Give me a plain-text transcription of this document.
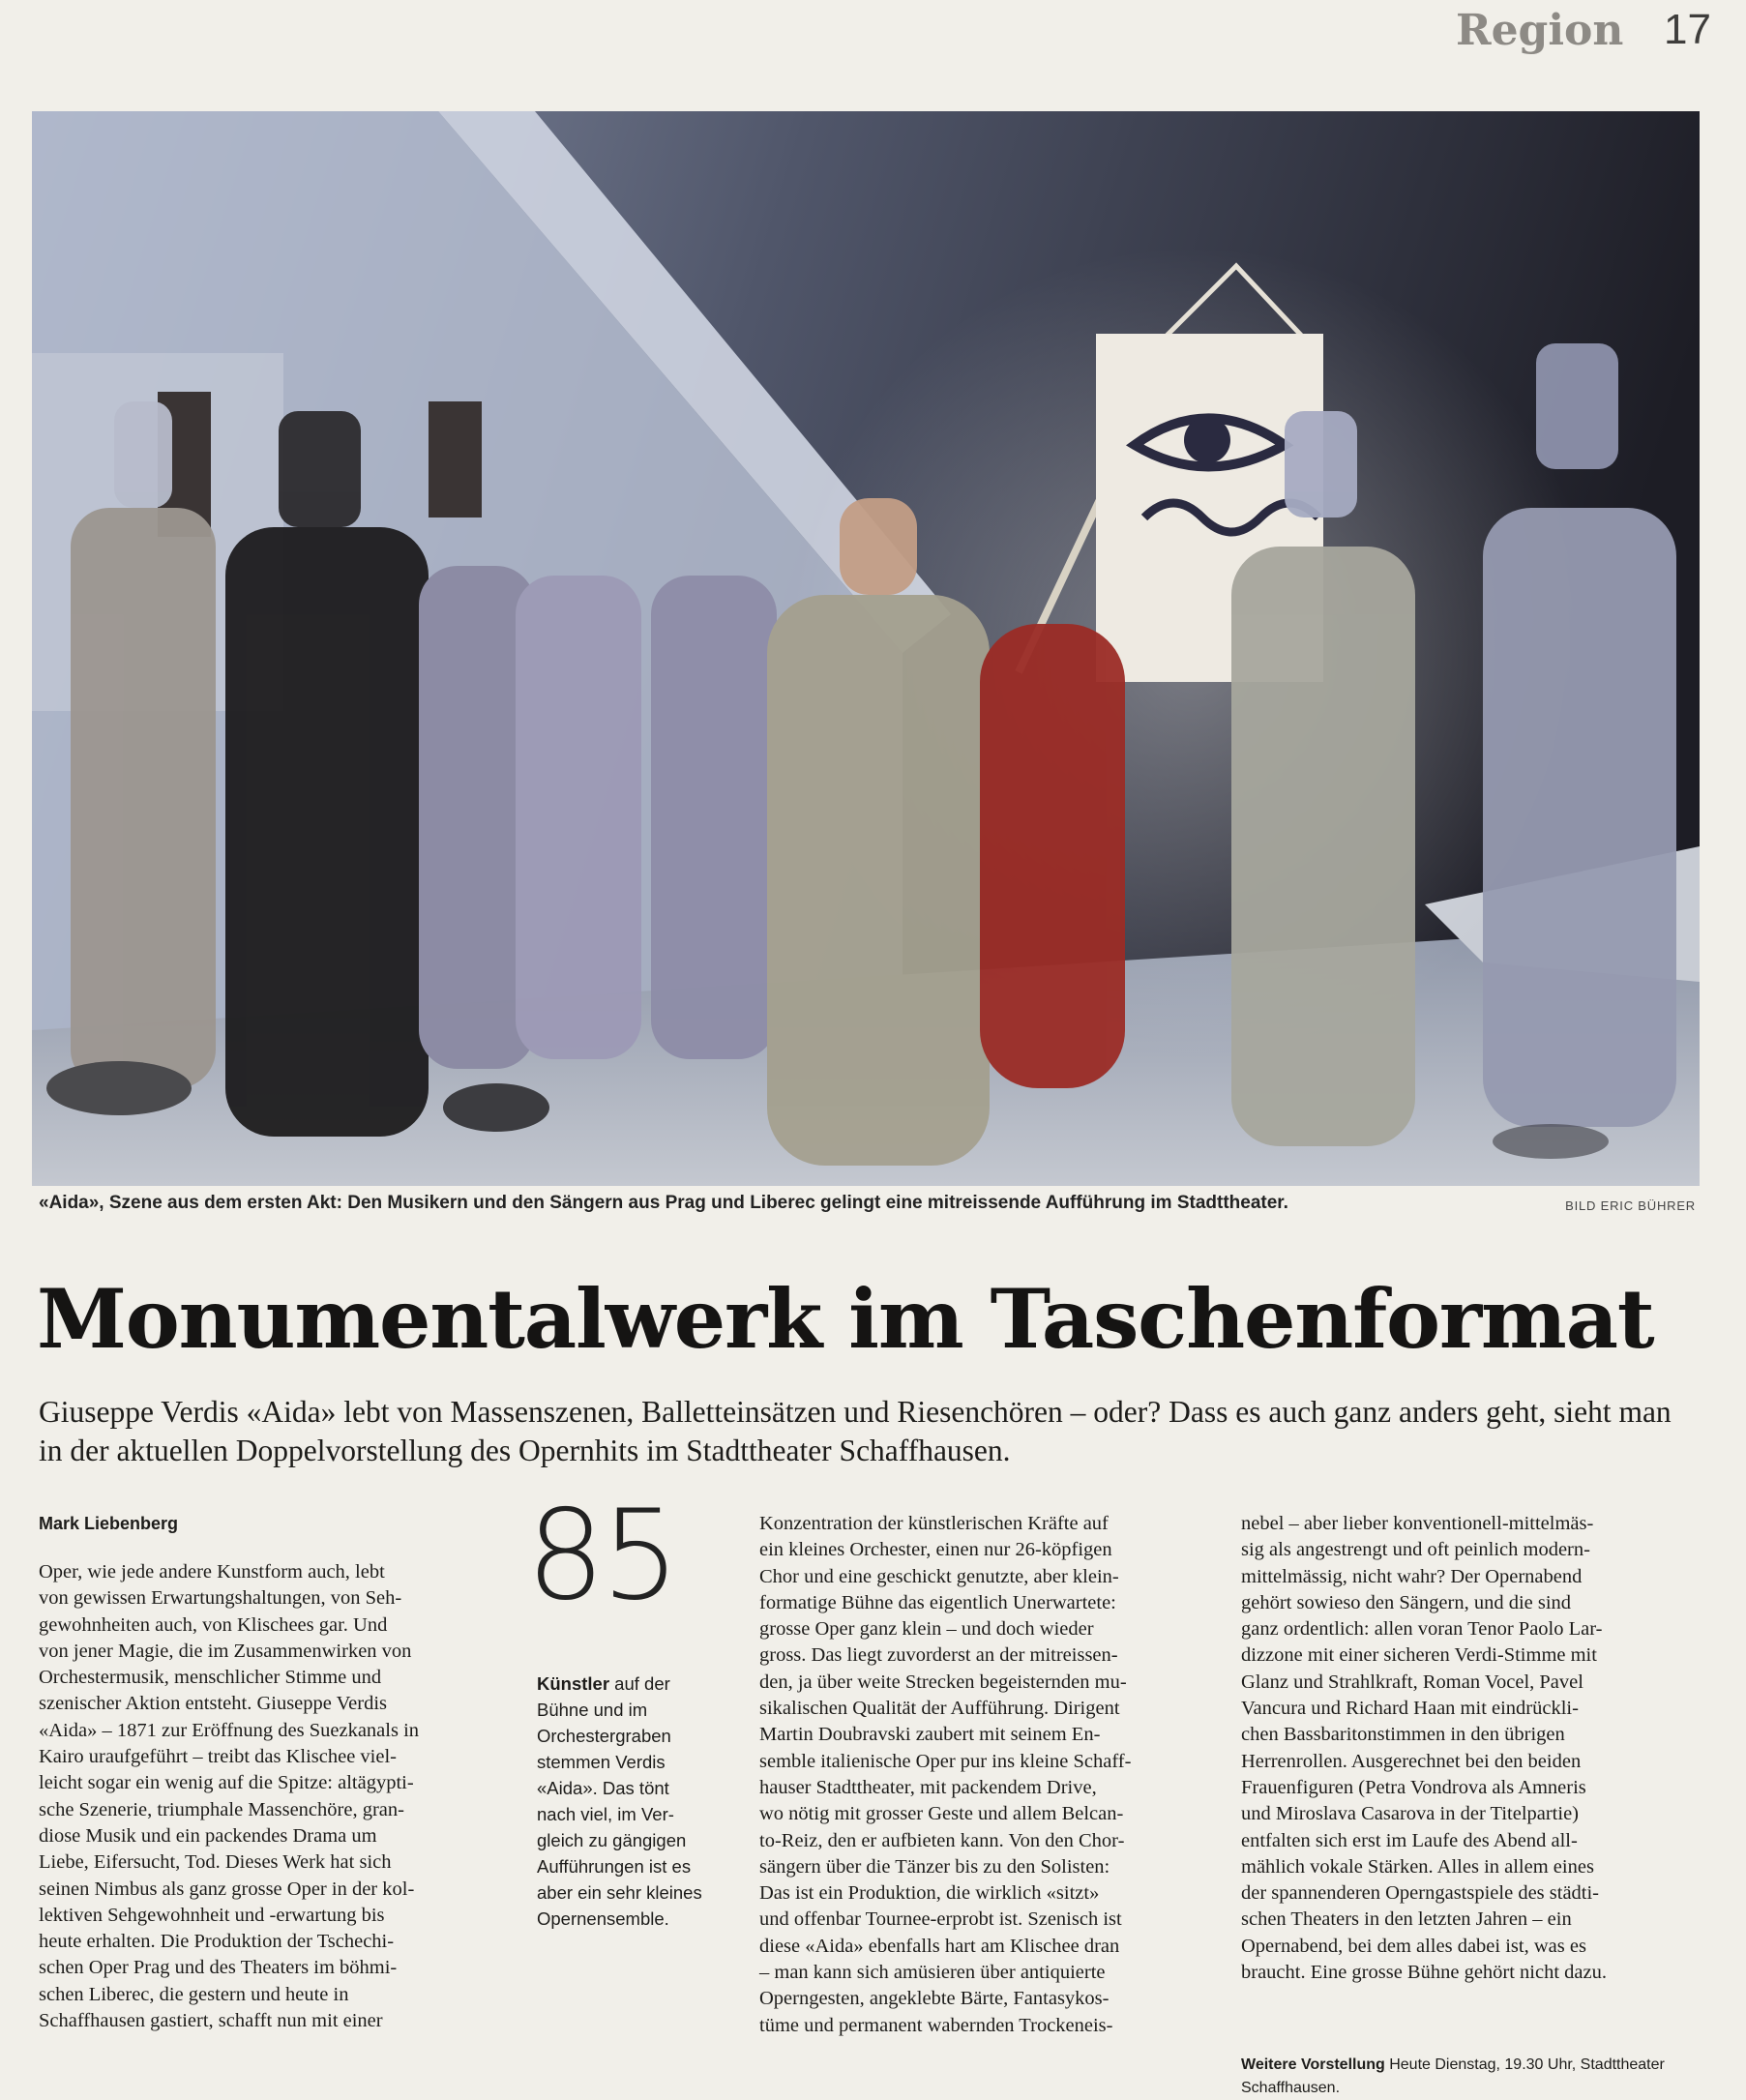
Region 17
«Aida», Szene aus dem ersten Akt: Den Musikern und den Sängern aus Prag und Liberec gelingt eine mitreissende Aufführung im Stadttheater.	BILD ERIC BÜHRER
Monumentalwerk im Taschenformat

Giuseppe Verdis «Aida» lebt von Massenszenen, Balletteinsätzen und Riesenchören – oder? Dass es auch ganz anders geht, sieht man in der aktuellen Doppelvorstellung des Opernhits im Stadttheater Schaffhausen.

Mark Liebenberg
Oper, wie jede andere Kunstform auch, lebt
von gewissen Erwartungshaltungen, von Seh-
gewohnheiten auch, von Klischees gar. Und
von jener Magie, die im Zusammenwirken von
Orchestermusik, menschlicher Stimme und
szenischer Aktion entsteht. Giuseppe Verdis
«Aida» – 1871 zur Eröffnung des Suezkanals in
Kairo uraufgeführt – treibt das Klischee viel-
leicht sogar ein wenig auf die Spitze: altägypti-
sche Szenerie, triumphale Massenchöre, gran-
diose Musik und ein packendes Drama um
Liebe, Eifersucht, Tod. Dieses Werk hat sich
seinen Nimbus als ganz grosse Oper in der kol-
lektiven Sehgewohnheit und -erwartung bis
heute erhalten. Die Produktion der Tschechi-
schen Oper Prag und des Theaters im böhmi-
schen Liberec, die gestern und heute in
Schaffhausen gastiert, schafft nun mit einer
85
Künstler auf der
Bühne und im
Orchestergraben
stemmen Verdis
«Aida». Das tönt
nach viel, im Ver-
gleich zu gängigen
Aufführungen ist es
aber ein sehr kleines
Opernensemble.
Konzentration der künstlerischen Kräfte auf
ein kleines Orchester, einen nur 26-köpfigen
Chor und eine geschickt genutzte, aber klein-
formatige Bühne das eigentlich Unerwartete:
grosse Oper ganz klein – und doch wieder
gross. Das liegt zuvorderst an der mitreissen-
den, ja über weite Strecken begeisternden mu-
sikalischen Qualität der Aufführung. Dirigent
Martin Doubravski zaubert mit seinem En-
semble italienische Oper pur ins kleine Schaff-
hauser Stadttheater, mit packendem Drive,
wo nötig mit grosser Geste und allem Belcan-
to-Reiz, den er aufbieten kann. Von den Chor-
sängern über die Tänzer bis zu den Solisten:
Das ist ein Produktion, die wirklich «sitzt»
und offenbar Tournee-erprobt ist. Szenisch ist
diese «Aida» ebenfalls hart am Klischee dran
– man kann sich amüsieren über antiquierte
Operngesten, angeklebte Bärte, Fantasykos-
tüme und permanent wabernden Trockeneis-
nebel – aber lieber konventionell-mittelmäs-
sig als angestrengt und oft peinlich modern-
mittelmässig, nicht wahr? Der Opernabend
gehört sowieso den Sängern, und die sind
ganz ordentlich: allen voran Tenor Paolo Lar-
dizzone mit einer sicheren Verdi-Stimme mit
Glanz und Strahlkraft, Roman Vocel, Pavel
Vancura und Richard Haan mit eindrückli-
chen Bassbaritonstimmen in den übrigen
Herrenrollen. Ausgerechnet bei den beiden
Frauenfiguren (Petra Vondrova als Amneris
und Miroslava Casarova in der Titelpartie)
entfalten sich erst im Laufe des Abend all-
mählich vokale Stärken. Alles in allem eines
der spannenderen Operngastspiele des städti-
schen Theaters in den letzten Jahren – ein
Opernabend, bei dem alles dabei ist, was es
braucht. Eine grosse Bühne gehört nicht dazu.
Weitere Vorstellung Heute Dienstag, 19.30 Uhr, Stadttheater
Schaffhausen.
